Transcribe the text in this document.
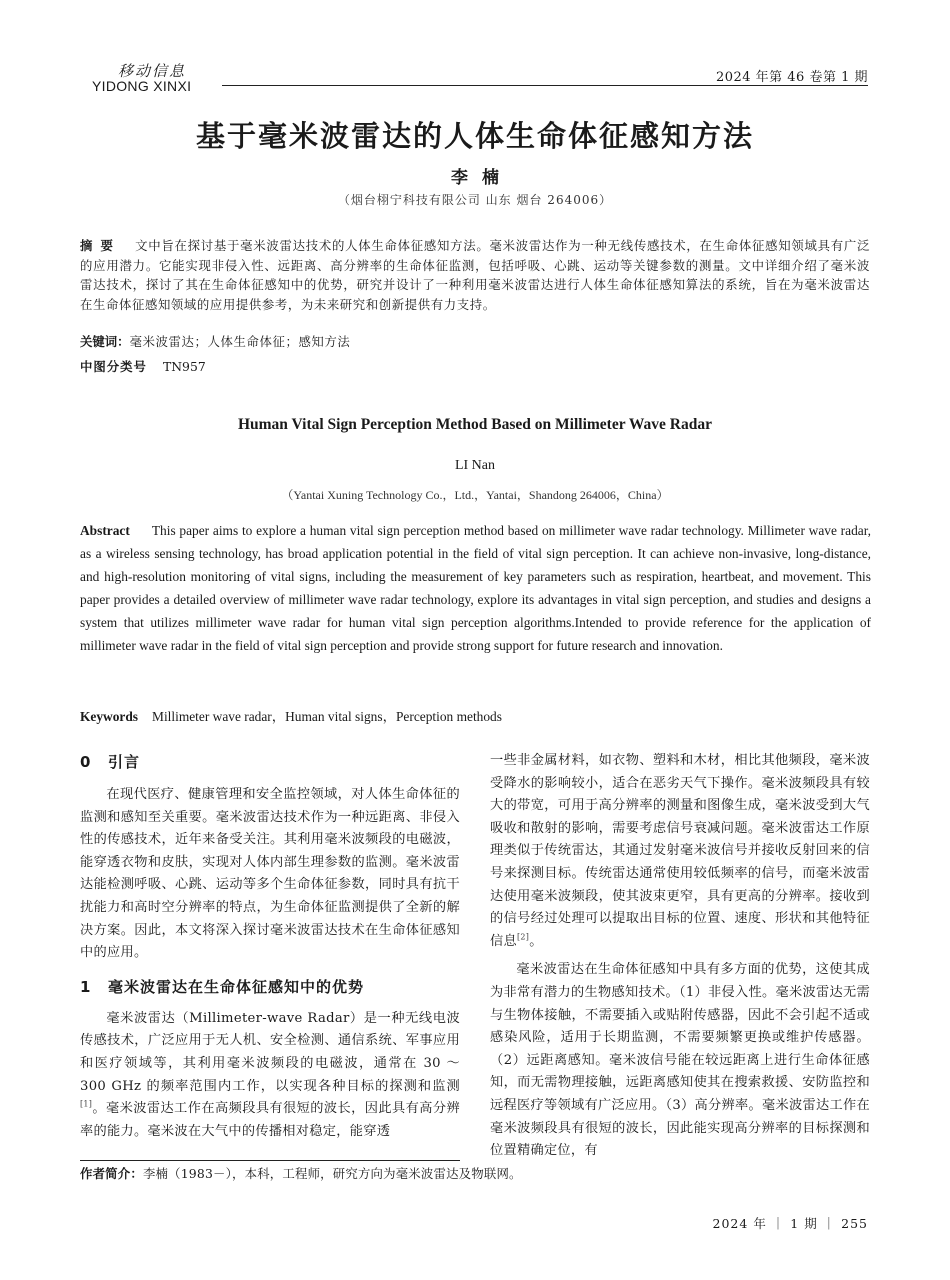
移动信息
YIDONG XINXI
2024 年第 46 卷第 1 期
基于毫米波雷达的人体生命体征感知方法
李楠
（烟台栩宁科技有限公司 山东 烟台 264006）
摘要 文中旨在探讨基于毫米波雷达技术的人体生命体征感知方法。毫米波雷达作为一种无线传感技术，在生命体征感知领域具有广泛的应用潜力。它能实现非侵入性、远距离、高分辨率的生命体征监测，包括呼吸、心跳、运动等关键参数的测量。文中详细介绍了毫米波雷达技术，探讨了其在生命体征感知中的优势，研究并设计了一种利用毫米波雷达进行人体生命体征感知算法的系统，旨在为毫米波雷达在生命体征感知领域的应用提供参考，为未来研究和创新提供有力支持。
关键词：毫米波雷达；人体生命体征；感知方法
中图分类号 TN957
Human Vital Sign Perception Method Based on Millimeter Wave Radar
LI Nan
（Yantai Xuning Technology Co.，Ltd.，Yantai，Shandong 264006，China）
Abstract This paper aims to explore a human vital sign perception method based on millimeter wave radar technology. Millimeter wave radar, as a wireless sensing technology, has broad application potential in the field of vital sign perception. It can achieve non-invasive, long-distance, and high-resolution monitoring of vital signs, including the measurement of key parameters such as respiration, heartbeat, and movement. This paper provides a detailed overview of millimeter wave radar technology, explore its advantages in vital sign perception, and studies and designs a system that utilizes millimeter wave radar for human vital sign perception algorithms.Intended to provide reference for the application of millimeter wave radar in the field of vital sign perception and provide strong support for future research and innovation.
Keywords Millimeter wave radar，Human vital signs，Perception methods
0 引言

在现代医疗、健康管理和安全监控领域，对人体生命体征的监测和感知至关重要。毫米波雷达技术作为一种远距离、非侵入性的传感技术，近年来备受关注。其利用毫米波频段的电磁波，能穿透衣物和皮肤，实现对人体内部生理参数的监测。毫米波雷达能检测呼吸、心跳、运动等多个生命体征参数，同时具有抗干扰能力和高时空分辨率的特点，为生命体征监测提供了全新的解决方案。因此，本文将深入探讨毫米波雷达技术在生命体征感知中的应用。

1 毫米波雷达在生命体征感知中的优势

毫米波雷达（Millimeter-wave Radar）是一种无线电波传感技术，广泛应用于无人机、安全检测、通信系统、军事应用和医疗领域等，其利用毫米波频段的电磁波，通常在 30 ～ 300 GHz 的频率范围内工作，以实现各种目标的探测和监测[1]。毫米波雷达工作在高频段具有很短的波长，因此具有高分辨率的能力。毫米波在大气中的传播相对稳定，能穿透

一些非金属材料，如衣物、塑料和木材，相比其他频段，毫米波受降水的影响较小，适合在恶劣天气下操作。毫米波频段具有较大的带宽，可用于高分辨率的测量和图像生成，毫米波受到大气吸收和散射的影响，需要考虑信号衰减问题。毫米波雷达工作原理类似于传统雷达，其通过发射毫米波信号并接收反射回来的信号来探测目标。传统雷达通常使用较低频率的信号，而毫米波雷达使用毫米波频段，使其波束更窄，具有更高的分辨率。接收到的信号经过处理可以提取出目标的位置、速度、形状和其他特征信息[2]。

毫米波雷达在生命体征感知中具有多方面的优势，这使其成为非常有潜力的生物感知技术。（1）非侵入性。毫米波雷达无需与生物体接触，不需要插入或贴附传感器，因此不会引起不适或感染风险，适用于长期监测，不需要频繁更换或维护传感器。（2）远距离感知。毫米波信号能在较远距离上进行生命体征感知，而无需物理接触，远距离感知使其在搜索救援、安防监控和远程医疗等领域有广泛应用。（3）高分辨率。毫米波雷达工作在毫米波频段具有很短的波长，因此能实现高分辨率的目标探测和位置精确定位，有

作者简介：李楠（1983－），本科，工程师，研究方向为毫米波雷达及物联网。
2024 年 ｜ 1 期 ｜ 255
